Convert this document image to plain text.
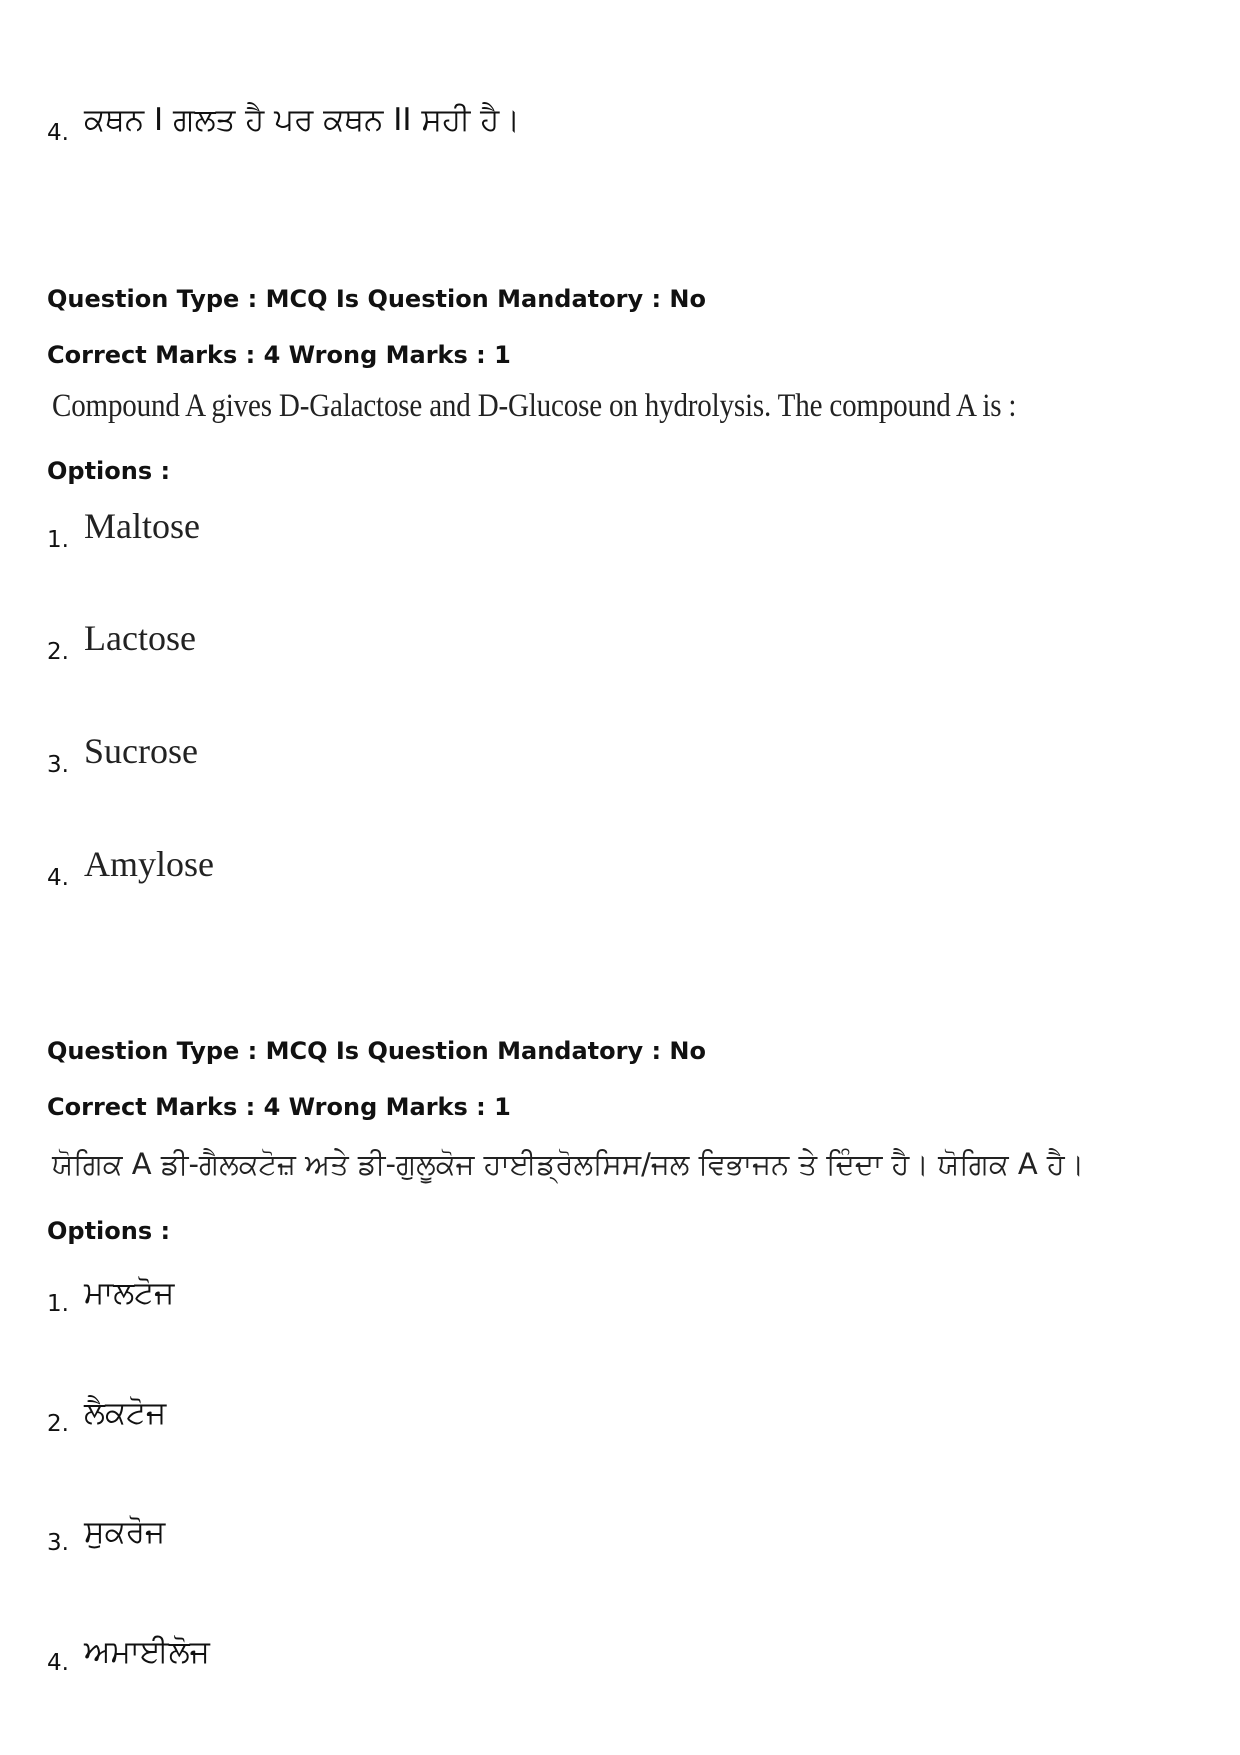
4. ਕਥਨ I ਗਲਤ ਹੈ ਪਰ ਕਥਨ II ਸਹੀ ਹੈ।
Question Type : MCQ Is Question Mandatory : No
Correct Marks : 4 Wrong Marks : 1
Compound A gives D-Galactose and D-Glucose on hydrolysis. The compound A is :
Options :
1. Maltose
2. Lactose
3. Sucrose
4. Amylose
Question Type : MCQ Is Question Mandatory : No
Correct Marks : 4 Wrong Marks : 1
ਯੋਗਿਕ A ਡੀ-ਗੈਲਕਟੋਜ਼ ਅਤੇ ਡੀ-ਗੁਲੂਕੋਜ ਹਾਈਡ੍ਰੋਲਸਿਸ/ਜਲ ਵਿਭਾਜਨ ਤੇ ਦਿੰਦਾ ਹੈ। ਯੋਗਿਕ A ਹੈ।
Options :
1. ਮਾਲਟੋਜ
2. ਲੈਕਟੋਜ
3. ਸੁਕਰੋਜ
4. ਅਮਾਈਲੋਜ
